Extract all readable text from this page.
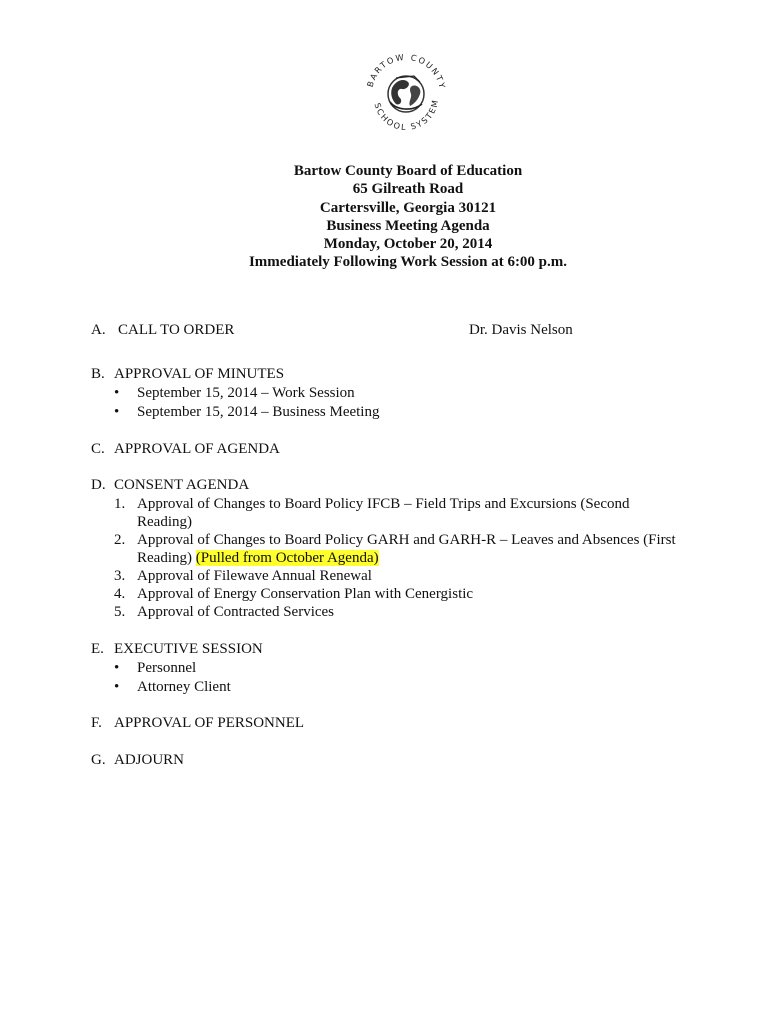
BARTOW COUNTY
SCHOOL SYSTEM
Bartow County Board of Education
65 Gilreath Road
Cartersville, Georgia 30121
Business Meeting Agenda
Monday, October 20, 2014
Immediately Following Work Session at 6:00 p.m.
A. CALL TO ORDER	Dr. Davis Nelson
B. APPROVAL OF MINUTES
• September 15, 2014 – Work Session
• September 15, 2014 – Business Meeting
C. APPROVAL OF AGENDA
D. CONSENT AGENDA
1. Approval of Changes to Board Policy IFCB – Field Trips and Excursions (Second
Reading)
2. Approval of Changes to Board Policy GARH and GARH-R – Leaves and Absences (First
Reading) (Pulled from October Agenda)
3. Approval of Filewave Annual Renewal
4. Approval of Energy Conservation Plan with Cenergistic
5. Approval of Contracted Services
E. EXECUTIVE SESSION
• Personnel
• Attorney Client
F. APPROVAL OF PERSONNEL
G. ADJOURN
